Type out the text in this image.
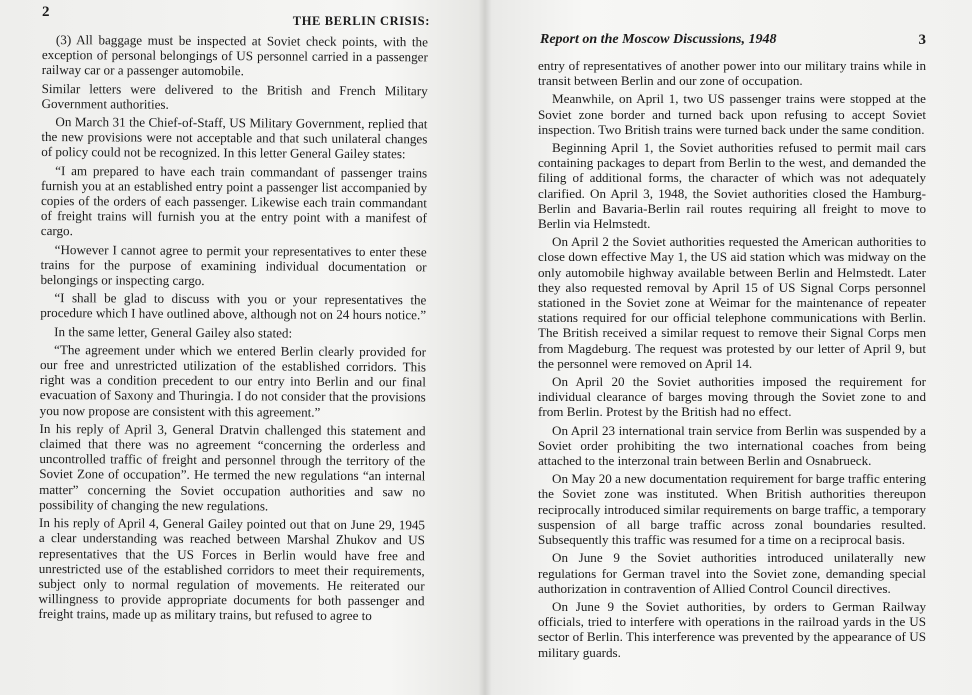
2
THE BERLIN CRISIS:

(3) All baggage must be inspected at Soviet check points, with the exception of personal belongings of US personnel carried in a passenger railway car or a passenger automobile.

Similar letters were delivered to the British and French Military Government authorities.

On March 31 the Chief-of-Staff, US Military Government, replied that the new provisions were not acceptable and that such unilateral changes of policy could not be recognized. In this letter General Gailey states:

“I am prepared to have each train commandant of passenger trains furnish you at an established entry point a passenger list accompanied by copies of the orders of each passenger. Likewise each train commandant of freight trains will furnish you at the entry point with a manifest of cargo.

“However I cannot agree to permit your representatives to enter these trains for the purpose of examining individual documentation or belongings or inspecting cargo.

“I shall be glad to discuss with you or your representatives the procedure which I have outlined above, although not on 24 hours notice.”

In the same letter, General Gailey also stated:

“The agreement under which we entered Berlin clearly provided for our free and unrestricted utilization of the established corridors. This right was a condition precedent to our entry into Berlin and our final evacuation of Saxony and Thuringia. I do not consider that the provisions you now propose are consistent with this agreement.”

In his reply of April 3, General Dratvin challenged this statement and claimed that there was no agreement “concerning the orderless and uncontrolled traffic of freight and personnel through the territory of the Soviet Zone of occupation”. He termed the new regulations “an internal matter” concerning the Soviet occupation authorities and saw no possibility of changing the new regulations.

In his reply of April 4, General Gailey pointed out that on June 29, 1945 a clear understanding was reached between Marshal Zhukov and US representatives that the US Forces in Berlin would have free and unrestricted use of the established corridors to meet their requirements, subject only to normal regulation of movements. He reiterated our willingness to provide appropriate documents for both passenger and freight trains, made up as military trains, but refused to agree to

Report on the Moscow Discussions, 1948	3

entry of representatives of another power into our military trains while in transit between Berlin and our zone of occupation.

Meanwhile, on April 1, two US passenger trains were stopped at the Soviet zone border and turned back upon refusing to accept Soviet inspection. Two British trains were turned back under the same condition.

Beginning April 1, the Soviet authorities refused to permit mail cars containing packages to depart from Berlin to the west, and demanded the filing of additional forms, the character of which was not adequately clarified. On April 3, 1948, the Soviet authorities closed the Hamburg-Berlin and Bavaria-Berlin rail routes requiring all freight to move to Berlin via Helmstedt.

On April 2 the Soviet authorities requested the American authorities to close down effective May 1, the US aid station which was midway on the only automobile highway available between Berlin and Helmstedt. Later they also requested removal by April 15 of US Signal Corps personnel stationed in the Soviet zone at Weimar for the maintenance of repeater stations required for our official telephone communications with Berlin. The British received a similar request to remove their Signal Corps men from Magdeburg. The request was protested by our letter of April 9, but the personnel were removed on April 14.

On April 20 the Soviet authorities imposed the requirement for individual clearance of barges moving through the Soviet zone to and from Berlin. Protest by the British had no effect.

On April 23 international train service from Berlin was suspended by a Soviet order prohibiting the two international coaches from being attached to the interzonal train between Berlin and Osnabrueck.

On May 20 a new documentation requirement for barge traffic entering the Soviet zone was instituted. When British authorities thereupon reciprocally introduced similar requirements on barge traffic, a temporary suspension of all barge traffic across zonal boundaries resulted. Subsequently this traffic was resumed for a time on a reciprocal basis.

On June 9 the Soviet authorities introduced unilaterally new regulations for German travel into the Soviet zone, demanding special authorization in contravention of Allied Control Council directives.

On June 9 the Soviet authorities, by orders to German Railway officials, tried to interfere with operations in the railroad yards in the US sector of Berlin. This interference was prevented by the appearance of US military guards.
